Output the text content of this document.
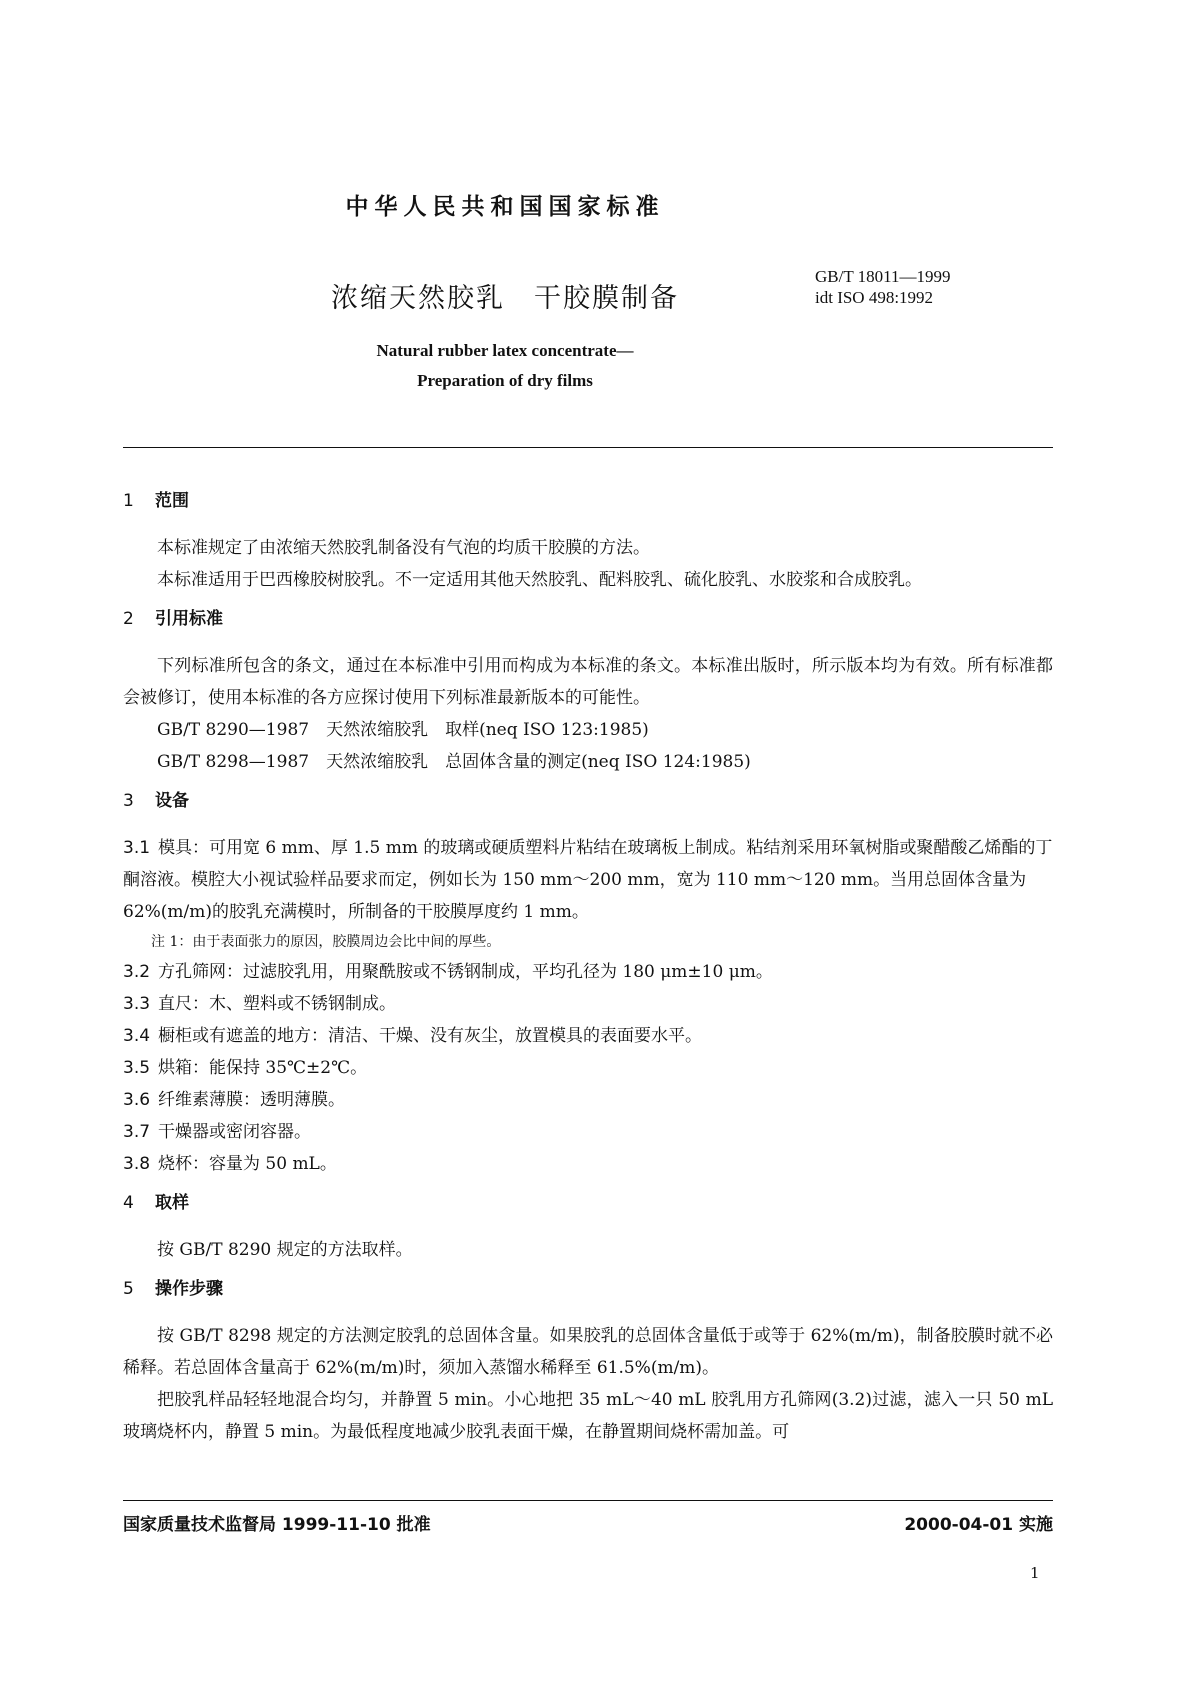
中华人民共和国国家标准
浓缩天然胶乳　干胶膜制备
GB/T 18011—1999
idt ISO 498:1992
Natural rubber latex concentrate—
Preparation of dry films
1 范围
本标准规定了由浓缩天然胶乳制备没有气泡的均质干胶膜的方法。
本标准适用于巴西橡胶树胶乳。不一定适用其他天然胶乳、配料胶乳、硫化胶乳、水胶浆和合成胶乳。
2 引用标准
下列标准所包含的条文，通过在本标准中引用而构成为本标准的条文。本标准出版时，所示版本均为有效。所有标准都会被修订，使用本标准的各方应探讨使用下列标准最新版本的可能性。
GB/T 8290—1987　天然浓缩胶乳　取样(neq ISO 123:1985)
GB/T 8298—1987　天然浓缩胶乳　总固体含量的测定(neq ISO 124:1985)
3 设备
3.1 模具：可用宽 6 mm、厚 1.5 mm 的玻璃或硬质塑料片粘结在玻璃板上制成。粘结剂采用环氧树脂或聚醋酸乙烯酯的丁酮溶液。模腔大小视试验样品要求而定，例如长为 150 mm～200 mm，宽为 110 mm～120 mm。当用总固体含量为 62%(m/m)的胶乳充满模时，所制备的干胶膜厚度约 1 mm。
注 1：由于表面张力的原因，胶膜周边会比中间的厚些。
3.2 方孔筛网：过滤胶乳用，用聚酰胺或不锈钢制成，平均孔径为 180 μm±10 μm。
3.3 直尺：木、塑料或不锈钢制成。
3.4 橱柜或有遮盖的地方：清洁、干燥、没有灰尘，放置模具的表面要水平。
3.5 烘箱：能保持 35℃±2℃。
3.6 纤维素薄膜：透明薄膜。
3.7 干燥器或密闭容器。
3.8 烧杯：容量为 50 mL。
4 取样
按 GB/T 8290 规定的方法取样。
5 操作步骤
按 GB/T 8298 规定的方法测定胶乳的总固体含量。如果胶乳的总固体含量低于或等于 62%(m/m)，制备胶膜时就不必稀释。若总固体含量高于 62%(m/m)时，须加入蒸馏水稀释至 61.5%(m/m)。
把胶乳样品轻轻地混合均匀，并静置 5 min。小心地把 35 mL～40 mL 胶乳用方孔筛网(3.2)过滤，滤入一只 50 mL 玻璃烧杯内，静置 5 min。为最低程度地减少胶乳表面干燥，在静置期间烧杯需加盖。可
国家质量技术监督局 1999-11-10 批准	2000-04-01 实施
1
